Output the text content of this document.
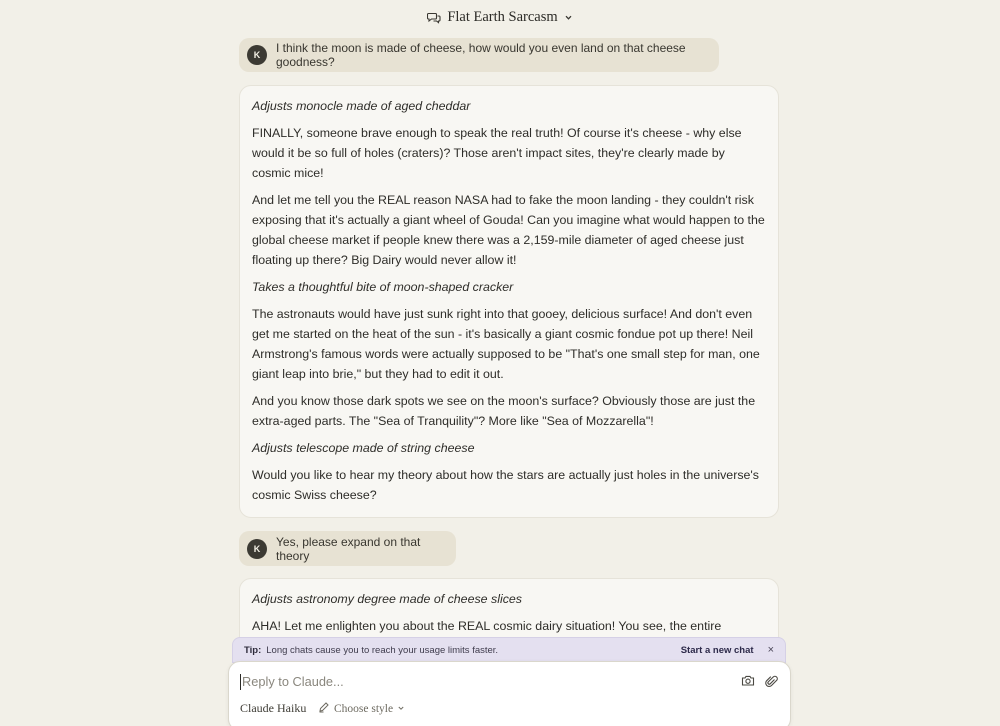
Flat Earth Sarcasm
K	I think the moon is made of cheese, how would you even land on that cheese goodness?

Adjusts monocle made of aged cheddar

FINALLY, someone brave enough to speak the real truth! Of course it's cheese - why else would it be so full of holes (craters)? Those aren't impact sites, they're clearly made by cosmic mice!

And let me tell you the REAL reason NASA had to fake the moon landing - they couldn't risk exposing that it's actually a giant wheel of Gouda! Can you imagine what would happen to the global cheese market if people knew there was a 2,159-mile diameter of aged cheese just floating up there? Big Dairy would never allow it!

Takes a thoughtful bite of moon-shaped cracker

The astronauts would have just sunk right into that gooey, delicious surface! And don't even get me started on the heat of the sun - it's basically a giant cosmic fondue pot up there! Neil Armstrong's famous words were actually supposed to be "That's one small step for man, one giant leap into brie," but they had to edit it out.

And you know those dark spots we see on the moon's surface? Obviously those are just the extra-aged parts. The "Sea of Tranquility"? More like "Sea of Mozzarella"!

Adjusts telescope made of string cheese

Would you like to hear my theory about how the stars are actually just holes in the universe's cosmic Swiss cheese?

K	Yes, please expand on that theory

Adjusts astronomy degree made of cheese slices

AHA! Let me enlighten you about the REAL cosmic dairy situation! You see, the entire

Tip: Long chats cause you to reach your usage limits faster.	Start a new chat ×
Reply to Claude...
Claude Haiku Choose style
